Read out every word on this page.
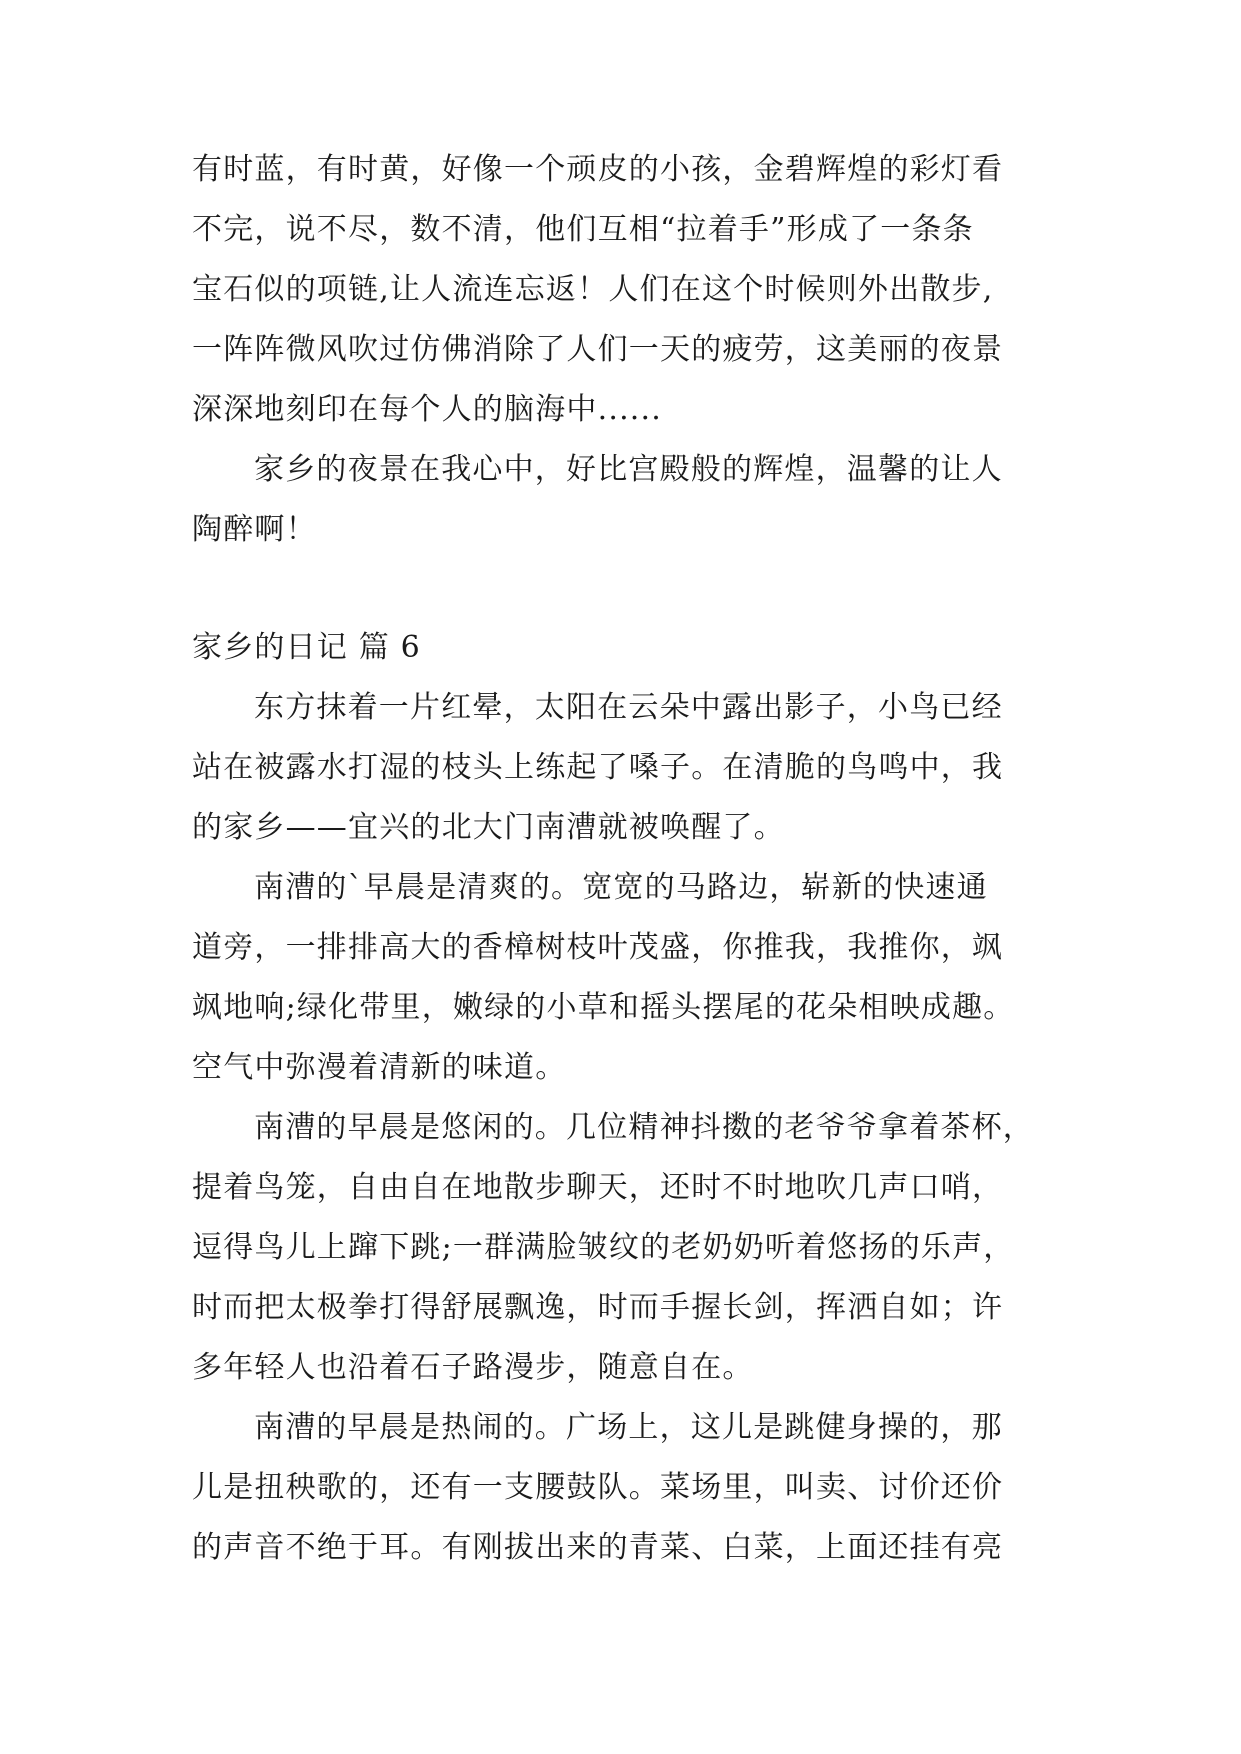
有时蓝，有时黄，好像一个顽皮的小孩，金碧辉煌的彩灯看
不完，说不尽，数不清，他们互相“拉着手”形成了一条条
宝石似的项链,让人流连忘返！人们在这个时候则外出散步,
一阵阵微风吹过仿佛消除了人们一天的疲劳，这美丽的夜景
深深地刻印在每个人的脑海中......
家乡的夜景在我心中，好比宫殿般的辉煌，温馨的让人
陶醉啊！
家乡的日记 篇 6
东方抹着一片红晕，太阳在云朵中露出影子，小鸟已经
站在被露水打湿的枝头上练起了嗓子。在清脆的鸟鸣中，我
的家乡——宜兴的北大门南漕就被唤醒了。
南漕的`早晨是清爽的。宽宽的马路边，崭新的快速通
道旁，一排排高大的香樟树枝叶茂盛，你推我，我推你，飒
飒地响;绿化带里，嫩绿的小草和摇头摆尾的花朵相映成趣。
空气中弥漫着清新的味道。
南漕的早晨是悠闲的。几位精神抖擞的老爷爷拿着茶杯，
提着鸟笼，自由自在地散步聊天，还时不时地吹几声口哨，
逗得鸟儿上蹿下跳;一群满脸皱纹的老奶奶听着悠扬的乐声，
时而把太极拳打得舒展飘逸，时而手握长剑，挥洒自如；许
多年轻人也沿着石子路漫步，随意自在。
南漕的早晨是热闹的。广场上，这儿是跳健身操的，那
儿是扭秧歌的，还有一支腰鼓队。菜场里，叫卖、讨价还价
的声音不绝于耳。有刚拔出来的青菜、白菜，上面还挂有亮
